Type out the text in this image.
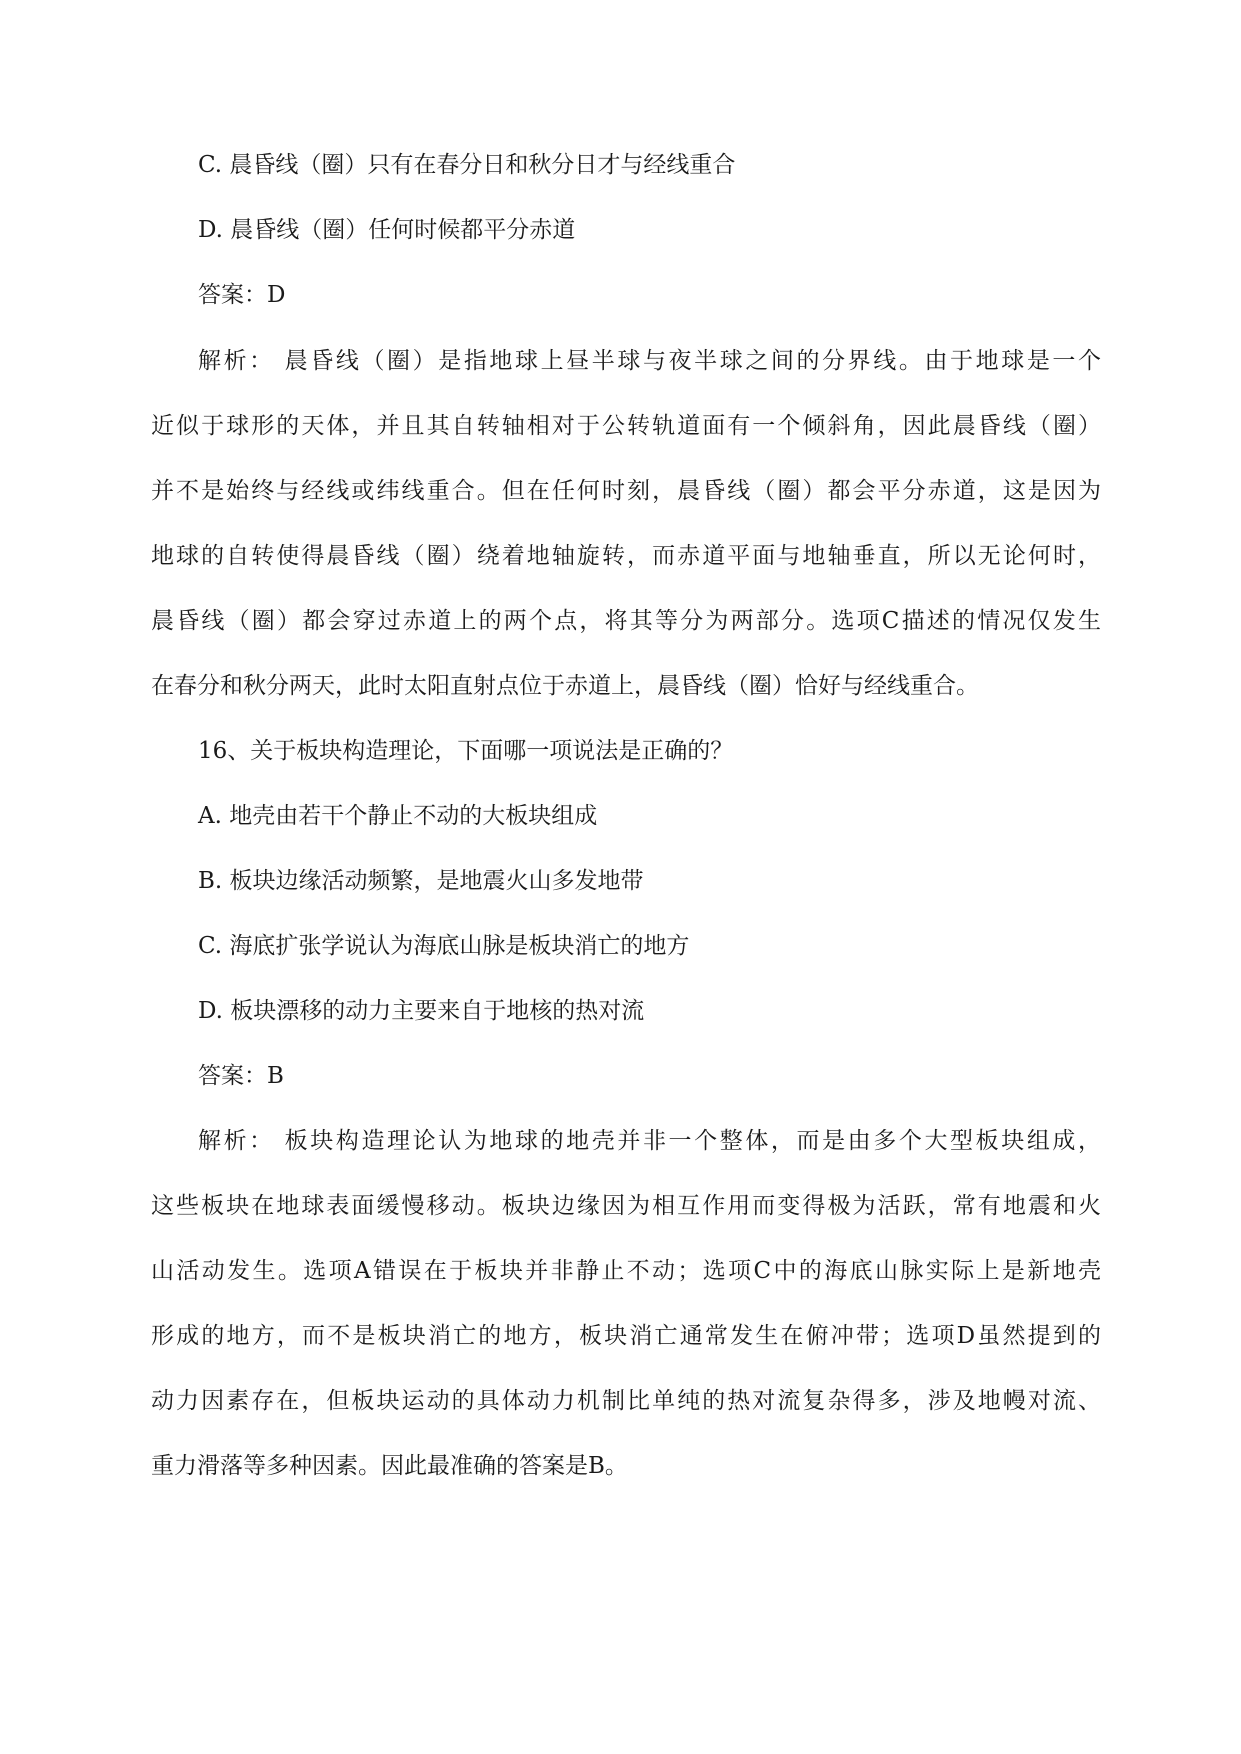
C. 晨昏线（圈）只有在春分日和秋分日才与经线重合

D. 晨昏线（圈）任何时候都平分赤道

答案：D

解析： 晨昏线（圈）是指地球上昼半球与夜半球之间的分界线。由于地球是一个

近似于球形的天体，并且其自转轴相对于公转轨道面有一个倾斜角，因此晨昏线（圈）

并不是始终与经线或纬线重合。但在任何时刻，晨昏线（圈）都会平分赤道，这是因为

地球的自转使得晨昏线（圈）绕着地轴旋转，而赤道平面与地轴垂直，所以无论何时，

晨昏线（圈）都会穿过赤道上的两个点，将其等分为两部分。选项C描述的情况仅发生

在春分和秋分两天，此时太阳直射点位于赤道上，晨昏线（圈）恰好与经线重合。

16、关于板块构造理论，下面哪一项说法是正确的？

A. 地壳由若干个静止不动的大板块组成

B. 板块边缘活动频繁，是地震火山多发地带

C. 海底扩张学说认为海底山脉是板块消亡的地方

D. 板块漂移的动力主要来自于地核的热对流

答案：B

解析： 板块构造理论认为地球的地壳并非一个整体，而是由多个大型板块组成，

这些板块在地球表面缓慢移动。板块边缘因为相互作用而变得极为活跃，常有地震和火

山活动发生。选项A错误在于板块并非静止不动；选项C中的海底山脉实际上是新地壳

形成的地方，而不是板块消亡的地方，板块消亡通常发生在俯冲带；选项D虽然提到的

动力因素存在，但板块运动的具体动力机制比单纯的热对流复杂得多，涉及地幔对流、

重力滑落等多种因素。因此最准确的答案是B。
